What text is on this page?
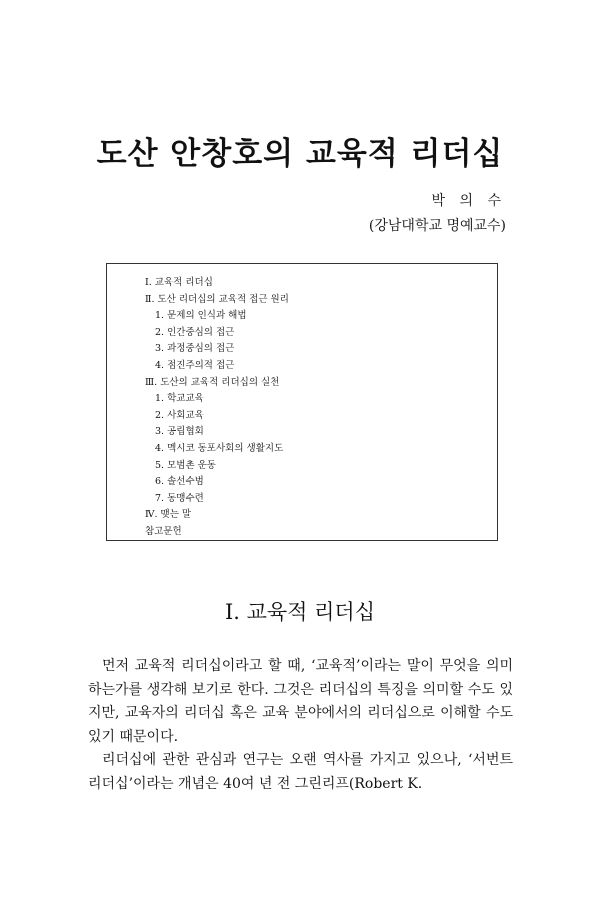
도산 안창호의 교육적 리더십
박 의 수
(강남대학교 명예교수)
Ⅰ. 교육적 리더십
Ⅱ. 도산 리더십의 교육적 접근 원리
1. 문제의 인식과 해법
2. 인간중심의 접근
3. 과정중심의 접근
4. 점진주의적 접근
Ⅲ. 도산의 교육적 리더십의 실천
1. 학교교육
2. 사회교육
3. 공립협회
4. 멕시코 동포사회의 생활지도
5. 모범촌 운동
6. 솔선수범
7. 동맹수련
Ⅳ. 맺는 말
참고문헌
Ⅰ. 교육적 리더십

먼저 교육적 리더십이라고 할 때, ‘교육적’이라는 말이 무엇을 의미하는가를 생각해 보기로 한다. 그것은 리더십의 특징을 의미할 수도 있지만, 교육자의 리더십 혹은 교육 분야에서의 리더십으로 이해할 수도 있기 때문이다.

리더십에 관한 관심과 연구는 오랜 역사를 가지고 있으나, ‘서번트 리더십’이라는 개념은 40여 년 전 그린리프(Robert K.
